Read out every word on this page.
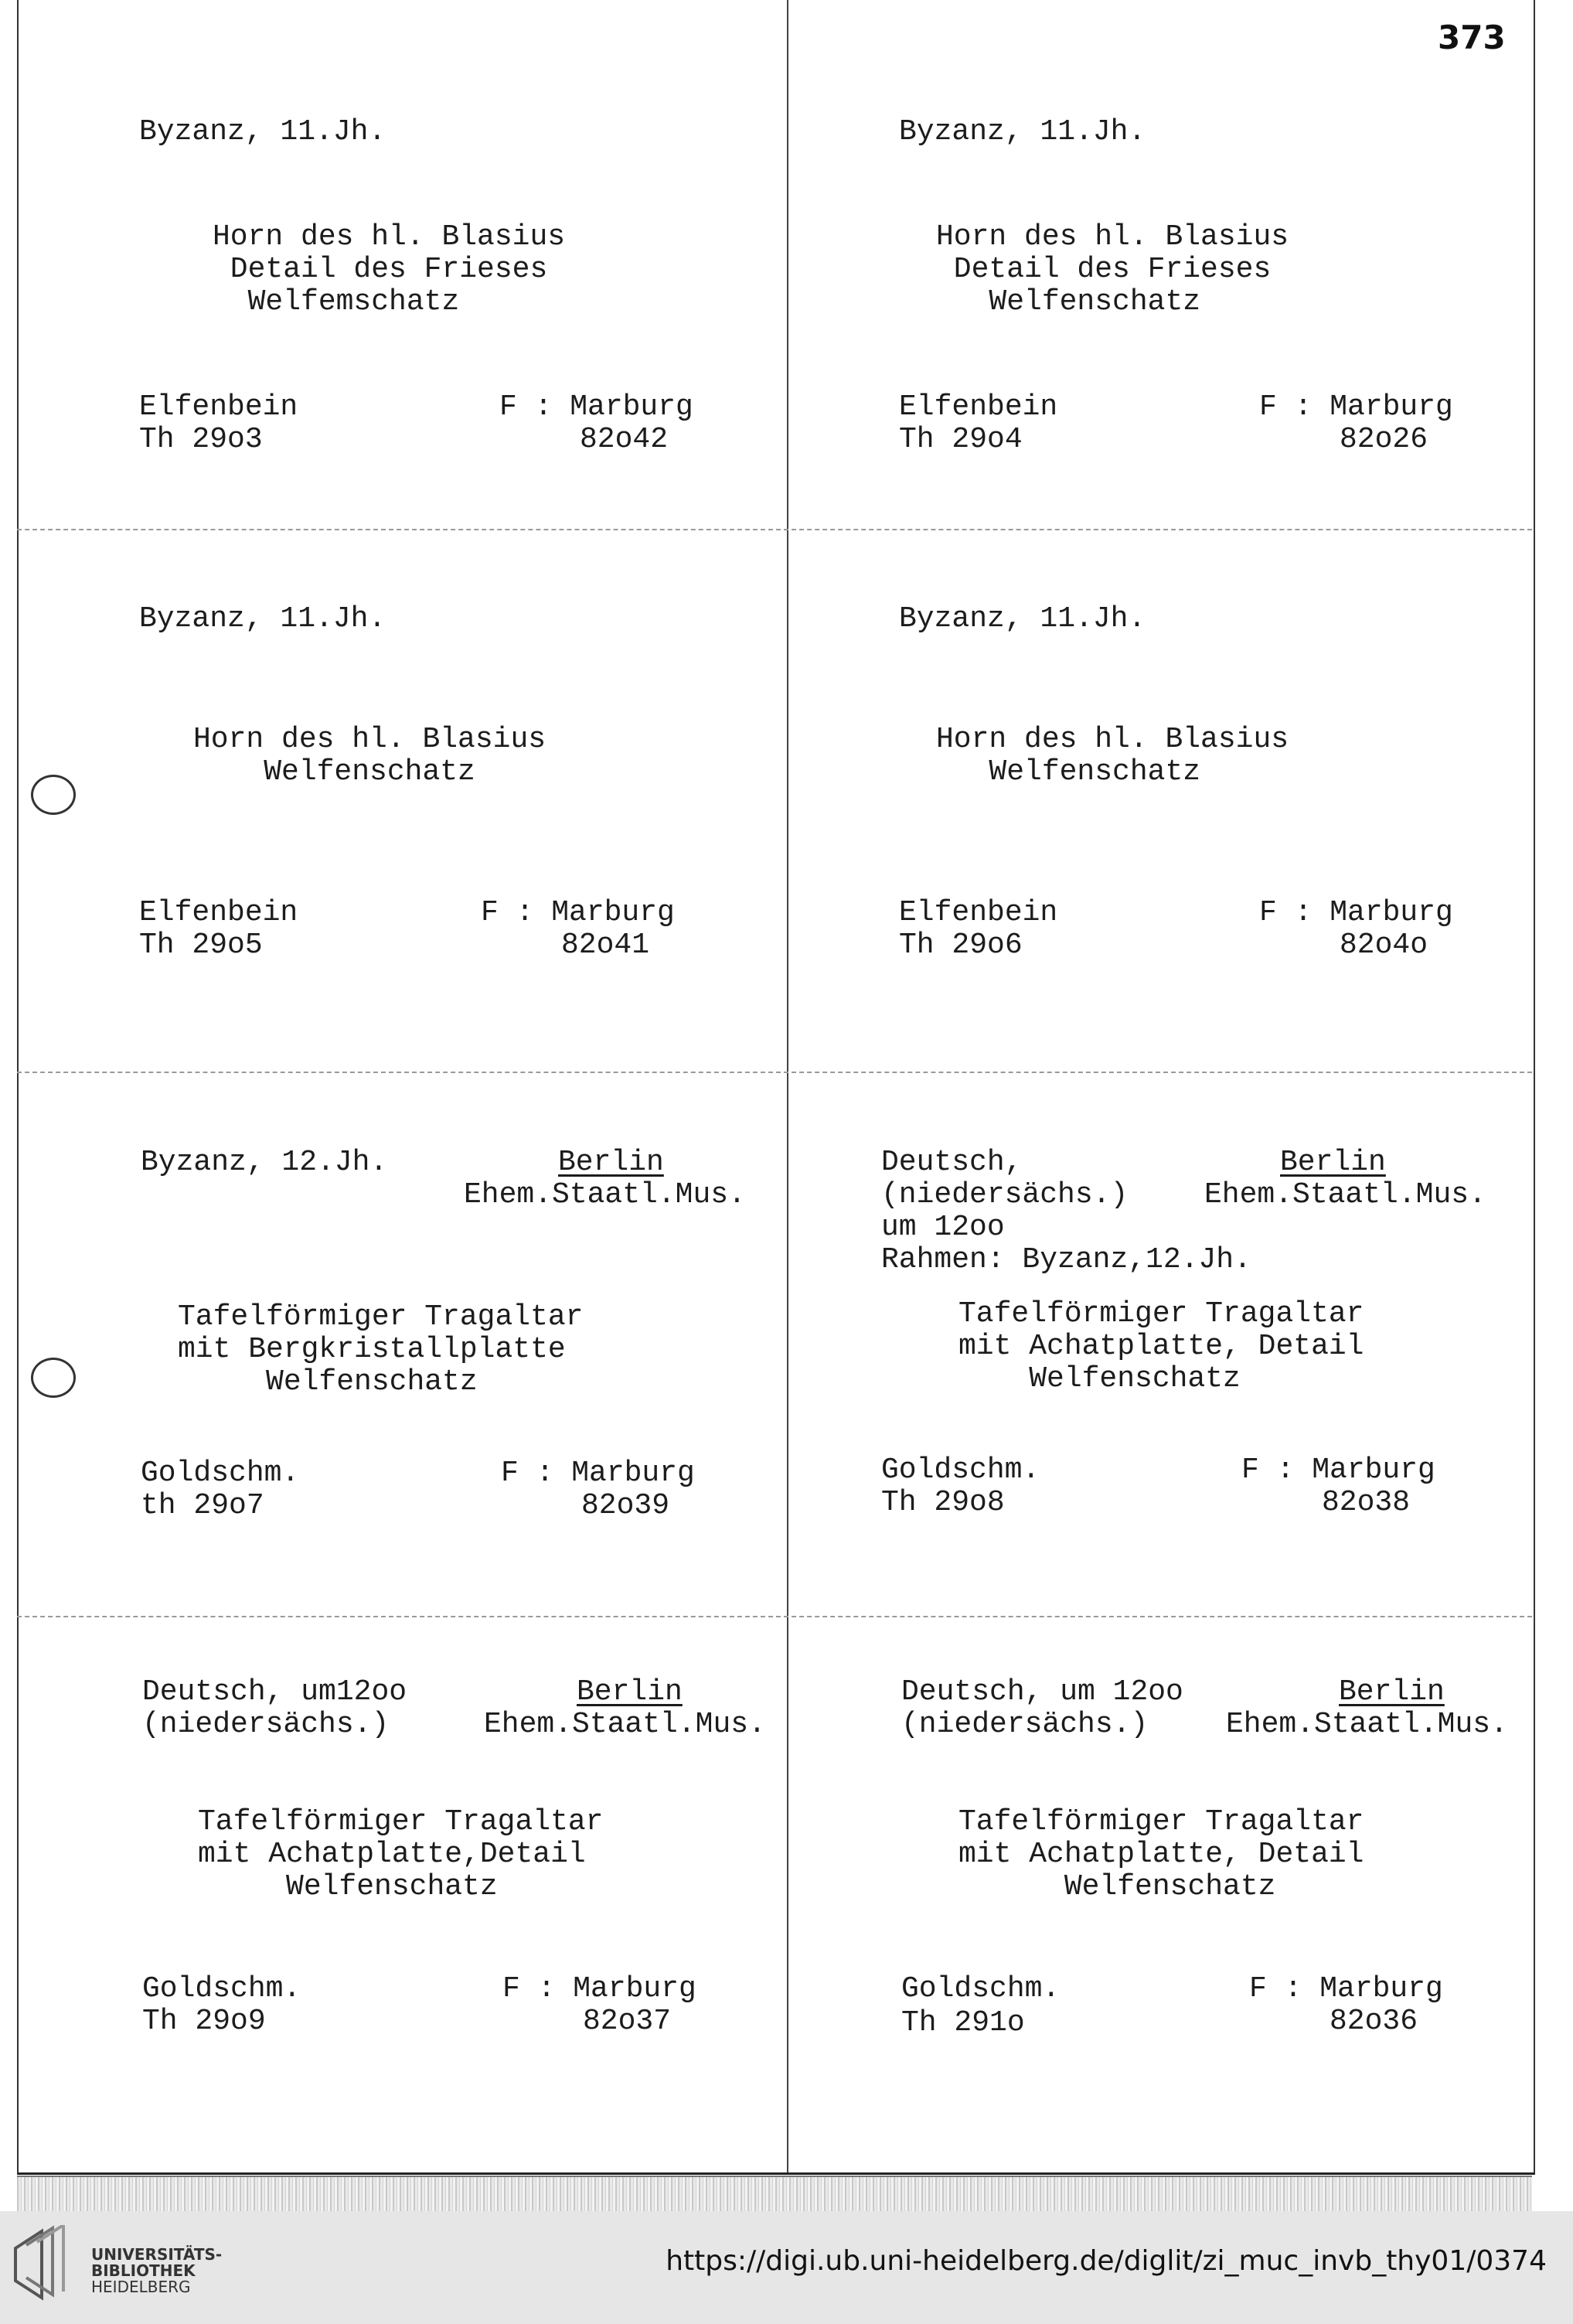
373
Byzanz, 11.Jh.
Horn des hl. Blasius
Detail des Frieses
Welfemschatz
Elfenbein
Th 29o3
F : Marburg
82o42
Byzanz, 11.Jh.
Horn des hl. Blasius
Detail des Frieses
Welfenschatz
Elfenbein
Th 29o4
F : Marburg
82o26
Byzanz, 11.Jh.
Horn des hl. Blasius
Welfenschatz
Elfenbein
Th 29o5
F : Marburg
82o41
Horn des hl. Blasius
Welfenschatz
Byzanz, 11.Jh.
Elfenbein
Th 29o6
F : Marburg
82o4o
Byzanz, 12.Jh.	Berlin
Ehem.Staatl.Mus.
Tafelförmiger Tragaltar
mit Bergkristallplatte
Welfenschatz
Goldschm.
th 29o7
F : Marburg
82o39
Deutsch,
(niedersächs.)
um 12oo
Rahmen: Byzanz,12.Jh.
Berlin
Ehem.Staatl.Mus.
Tafelförmiger Tragaltar
mit Achatplatte, Detail
Welfenschatz
Goldschm.
Th 29o8
F : Marburg
82o38
Deutsch, um12oo
(niedersächs.)
Berlin
Ehem.Staatl.Mus.
Tafelförmiger Tragaltar
mit Achatplatte,Detail
Welfenschatz
Goldschm.
Th 29o9
F : Marburg
82o37
Deutsch, um 12oo
(niedersächs.)
Berlin
Ehem.Staatl.Mus.
Tafelförmiger Tragaltar
mit Achatplatte, Detail
Welfenschatz
Goldschm.
Th 291o
F : Marburg
82o36
UNIVERSITÄTS-
BIBLIOTHEK
HEIDELBERG
https://digi.ub.uni-heidelberg.de/diglit/zi_muc_invb_thy01/0374
